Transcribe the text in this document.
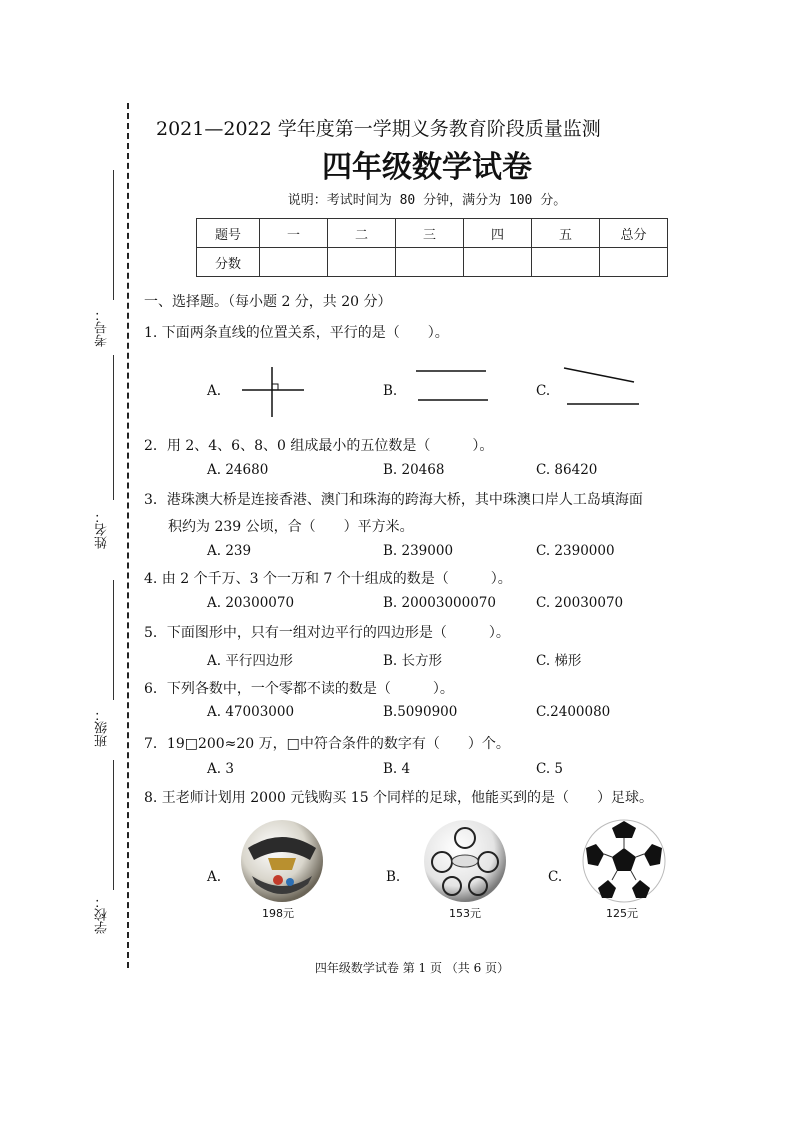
考号：
姓名：
班级：
学校：
2021—2022 学年度第一学期义务教育阶段质量监测
四年级数学试卷
说明：考试时间为 80 分钟，满分为 100 分。
题号	一	二	三	四	五	总分
分数						
一、选择题。（每小题 2 分，共 20 分）
1. 下面两条直线的位置关系，平行的是（　　）。
A.	B.	C.
2．用 2、4、6、8、0 组成最小的五位数是（　　　）。
A. 24680	B. 20468	C. 86420
3．港珠澳大桥是连接香港、澳门和珠海的跨海大桥，其中珠澳口岸人工岛填海面
积约为 239 公顷，合（　　）平方米。
A. 239	B. 239000	C. 2390000
4. 由 2 个千万、3 个一万和 7 个十组成的数是（　　　）。
A. 20300070	B. 20003000070	C. 20030070
5．下面图形中，只有一组对边平行的四边形是（　　　）。
A. 平行四边形	B. 长方形	C. 梯形
6．下列各数中，一个零都不读的数是（　　　）。
A. 47003000	B.5090900	C.2400080
7．19□200≈20 万，□中符合条件的数字有（　　）个。
A. 3	B. 4	C. 5
8. 王老师计划用 2000 元钱购买 15 个同样的足球，他能买到的是（　　）足球。
A.
198元
B.
153元
C.
125元
四年级数学试卷 第 1 页 （共 6 页）
